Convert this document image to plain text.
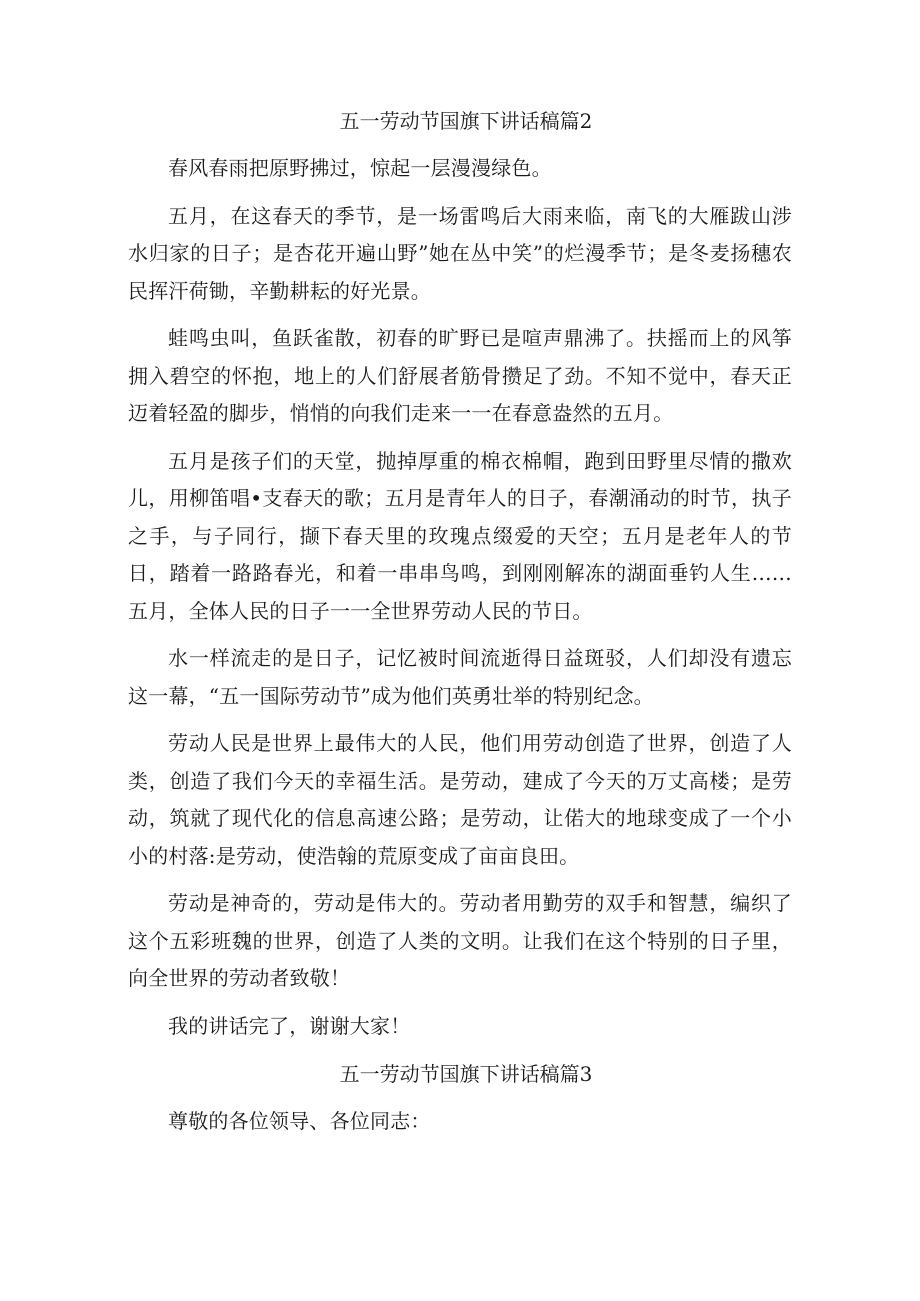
五一劳动节国旗下讲话稿篇2

春风春雨把原野拂过，惊起一层漫漫绿色。

五月，在这春天的季节，是一场雷鸣后大雨来临，南飞的大雁跋山涉水归家的日子；是杏花开遍山野”她在丛中笑”的烂漫季节；是冬麦扬穗农民挥汗荷锄，辛勤耕耘的好光景。

蛙鸣虫叫，鱼跃雀散，初春的旷野已是喧声鼎沸了。扶摇而上的风筝拥入碧空的怀抱，地上的人们舒展者筋骨攒足了劲。不知不觉中，春天正迈着轻盈的脚步，悄悄的向我们走来一一在春意盎然的五月。

五月是孩子们的天堂，抛掉厚重的棉衣棉帽，跑到田野里尽情的撒欢儿，用柳笛唱•支春天的歌；五月是青年人的日子，春潮涌动的时节，执子之手，与子同行，撷下春天里的玫瑰点缀爱的天空；五月是老年人的节日，踏着一路路春光，和着一串串鸟鸣，到刚刚解冻的湖面垂钓人生……五月，全体人民的日子一一全世界劳动人民的节日。

水一样流走的是日子，记忆被时间流逝得日益斑驳，人们却没有遗忘这一幕，“五一国际劳动节”成为他们英勇壮举的特别纪念。

劳动人民是世界上最伟大的人民，他们用劳动创造了世界，创造了人类，创造了我们今天的幸福生活。是劳动，建成了今天的万丈高楼；是劳动，筑就了现代化的信息高速公路；是劳动，让偌大的地球变成了一个小小的村落:是劳动，使浩翰的荒原变成了亩亩良田。

劳动是神奇的，劳动是伟大的。劳动者用勤劳的双手和智慧，编织了这个五彩班魏的世界，创造了人类的文明。让我们在这个特别的日子里，向全世界的劳动者致敬！

我的讲话完了，谢谢大家！

五一劳动节国旗下讲话稿篇3

尊敬的各位领导、各位同志：
